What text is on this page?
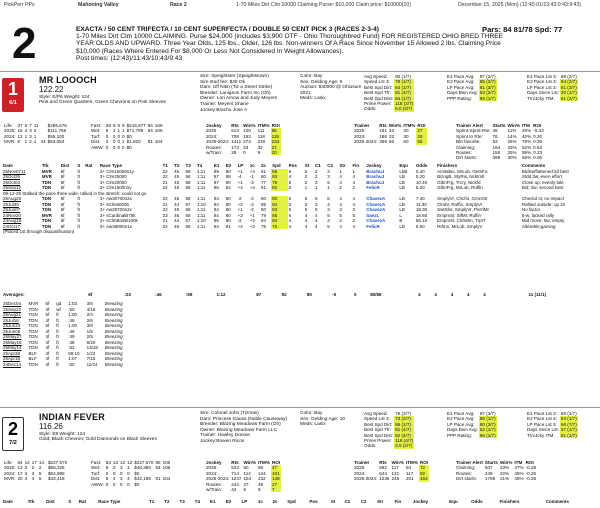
PickPerr PPs	Mahoning Valley	Race 2	1-70 Miles Dirt Clm 10000 Claiming Purse: $10,000 Claim price: $10000(10)	December 15, 2025 (Mon) (12:45:01/13:43:0:43:9:43)
2	EXACTA / 50 CENT TRIFECTA / 10 CENT SUPERFECTA / DOUBLE 50 CENT PICK 3 (RACES 2-3-4)
1-70 Miles Dirt Clm 10000 CLAIMING. Purse $24,000 (includes $3,900 OTF - Ohio Thoroughbred Fund) FOR REGISTERED OHIO BRED THREE YEAR OLDS AND UPWARD. Three Year Olds, 125 lbs., Older, 126 lbs. Non-winners Of A Race Since November 15 Allowed 2 lbs. Claiming Price $10,000 (Races Where Entered For $8,000 Or Less Not Considered In Weight Allowances).
Post times: (12:43)/11:43/10:43/9:43
Pars: 84 81/78 Spd: 77
1
6/1
MR LOOOCH
122.22
Style: E/P6 Weight: 124
Pink and Green Quarters; Green Chevrons on Pink Sleeves
Sire: Speightster (Speightstown)
Sire stud fee: $40 Ok
Dam: Uff Nitin (Tiz a Street Strike)
Breeder: Lanigeon Farm Inc (Oh)
Owner: Lori Amow and Judy Meyers
Trainer: Meyers Shane
Jockey:Brachu Jose A
Color: Bay
Sex: Gelding Age: 6
Auction: $40000 @ Ohiosum 2021
Meds: Lasix
Avg Speed:	80 (1/7)
Speed Lst 3:	79 (1/7)
Best Spd Dirt:	84 (1/7)
Best Spd Tfr:	81 (4/7)
Best Spd Dist:	84 (1/7)
Prime Power:	118 (2/7)
Odds:	6.0 (4/7)
E1 Pace Avg:	87 (2/7)
E2 Pace Avg:	85 (2/7)
LP Pace Avg:	81 (3/7)
Days Bwn Avg:	63 (2/7)
PPP Rating:	85 (1/7)
E1 Pace Lst 3:	88 (2/7)
E2 Pace Lst 3:	84 (2/7)
LP Pace Lst 3:	81 (3/7)
Days Since Lst:	20 (1/7)
Trn/Jcky ITM:	61 (2/7)
Life:	37	6	7	11		$286,676
2025:	16	4	3	3		$111,756
2024:	12	1	3	1		$55,100
MVR:	8	1	2	1	44	$53,084
Fast:	28	8	6	9	$216,877	84	106
Wet:	6	2	1	1	$71,789	84	106
Turf:	0	0	0	0	$0		
Dist:	3	0	0	1	$1,920	81	104
AWW:	0	0	0	0	$0		
Jockey	Rts	Win%	ITM%	ROI
2025	613	120	111	86
2024:	708	153	118	115
2025-2024:	1411	273	230	234
Routes:	173	33	32	27
w/Train:	28	0	9	20
Trainer	Rts	Win%	ITM%	ROI
2025:	181	33	30	27
2024:	188	33	30	28
2025-2024:	369	66	60	55
Trainer Alert	Starts	Win%	ITM	ROI
Sprint-Sprnt-Rte:	46	11%	20%	-0.43
Sprint to Rte:	76	14%	40%	0.20
Btn favorite:	53	26%	76%	0.35
Claiming:	194	33%	62%	0.63
Routes:	156	25%	59%	0.23
Dirt starts:	399	30%	56%	0.06
Date	Trk	Dist	S	Rat	Race Type	T1	T2	T3	T4	E1	E2	LP	1c	2c	Spd	Pos	St	C1	C2	Str	Fin	Jockey	Equ	Odds	Finishers	Comments
25Nov0711	MVR	6f	ft		3+ Clm15000n1y	22	45	58	1:11	89	90	+1	+4	81	86	8	2	2	3	1	1	BrachuJ	LbB	0.40	AmiNiBo, MrLob, GetsFic	BtdSe/flattened:2d best
25Oct29	MVR	6f	ft		3+ Clm25000	22	45	58	1:11	87	88	-4	-1	80	83	4	2	2	3	4	4	BrachuJ	LB	0.20	BizngB, StyRis, NckIrstl	Stdd 3w; even effort
25Oct03	TDN	6f	ft		3+ Clm20000	21	45	58	1:11	87	90	+1	-3	77	78	5	2	3	5	4	4	BrachuJ	LB	10.40	GlbnFrg, Trcry, Nickfd	Close up; evenly late
25Sep17	TDN	6f	ft		3+ Clm1500n1y	22	45	58	1:11	86	84	+4	+4	81	82	3	1	1	1	2	2	FelicR	LB	6.20	GlbnFrg, MrLob, Ruffin	Bid; 3w; second best
09-12-25 Stalked the pace three wide; rallied in the stretch; could not go																										
25Aug28	TDN	6f	ft		3+ Aw30700n2x	22	45	58	1:11	84	80	-2	-2	80	80	6	6	5	6	4	4	ChavezA	LB	7.40	SmplyVr, Chcfst, GrnnGtr	Checkd st; no impact
25Jul30	TDN	6f	ft		3+ sClm6000b	21	44	57	1:10	84	80	+2	-3	85	84	3	3	3	4	4	4	ChavezA	LB	11.30	Clmbr, Ruffin, SmplyVr	Rallied outside; up 2n
25Jun07	TDN	6f	ft		3+ Aw29700n2x	22	45	58	1:11	84	80	+1	-2	80	83	5	5	5	3	3	3	ChavezA	LB	18.30	SwtSlnr, SmplyVr, PerrfMr	No factor
24Nov20	MVR	6f	ft		3+ sCardinalB75k	23	46	58	1:11	84	80	+2	+1	79	85	6	4	4	5	5	5	SaezL	L	18.60	EmprsSl, SlfMr, Ruffin	5-w; lacked rally
24Aug18	TDN	6f	ft		3+ sClmBrdrB100k	21	44	57	1:10	85	80	-2	+2	84	84	4	4	4	3	2	2	ChavezA	B	56.10	EmprsSl, ChfsWn, TrptT	Mid move; 5w; empty
24Oct17	TDN	6f	ft		3+ Aw38000n1x	22	46	58	1:11	84	81	+4	+2	75	75	4	4	4	5	4	4	FelicR	LB	5.60	Rtfmn, MrLob, SmplyV	Altereble;gaining
(Placed 1st through disqualification)																										
Averages:	6f			:23	:46	:59	1:12	87	92	80	-0	0	80/86	4	4	4	4	4					11 (11/1)
25Dec04	MVR	5f	gd	1:03	3/6	Breezing
25Sep22	TDN	4f	wf	:50	4/16	Breezing
25Aug21	TDN	5f	ft	1:00	2/4	Breezing
25Jul16	TDN	4f	ft	:48	2/6	Breezing
25Jun23	TDN	5f	ft	1:00	3/8	Breezing
25Jun06	TDN	4f	ft	:49	1/5	Breezing
25May27	TDN	4f	ft	:49	2/5	Breezing
25May16	TDN	4f	ft	:48	8/20	Breezing
25May14	TDN	4f	ft	:52	13/18	Breezing
25Apr28	BLF	4f	ft	59:10	1/22	Breezing
25Apr18	BLF	4f	ft	1:07	7/15	Breezing
24Dec14	TDN	4f	ft	:50	11/24	Breezing
2
7/2
INDIAN FEVER
116.26
Style: E8 Weight: 124
Gold; Black Chevron; Gold Diamonds on Black Sleeves
Sire: Colonel John (Tiznow)
Dam: Princess Gauss (Noble Causeway)
Breeder: Blazing Meadows Farm (Oh)
Owner: Blazing Meadows Farm LLC
Trainer: Hawley Donnie
Jockey:Bowen Ricos
Color: Bay
Sex: Gelding Age: 10
Meds: Lasix
Avg Speed:	79 (3/7)
Speed Lst 3:	73 (3/7)
Best Spd Dirt:	86 (1/7)
Best Spd Tfr:	81 (4/7)
Best Spd Dist:	82 (4/7)
Prime Power:	116 (4/7)
Odds:	3.5 (2/7)
E1 Pace Avg:	87 (3/7)
E2 Pace Avg:	86 (1/7)
LP Pace Avg:	80 (3/7)
Days Bwn Avg:	52 (1/7)
PPP Rating:	66 (1/7)
E1 Pace Lst 3:	88 (1/7)
E2 Pace Lst 3:	84 (1/7)
LP Pace Lst 3:	66 (7/7)
Days Since Lst:	37 (1/7)
Trn/Jcky ITM:	51 (1/7)
Life:	64	14	17	14		$227,570
2025:	13	3	2	2		$55,325
2024:	17	3	3	5		$54,988
MVR:	20	4	4	5		$43,418
Fast:	53	13	12	12	$227,570	85	106
Wet:	9	3	3	1	$46,386	84	106
Turf:	0	0	0	0	$0		
Dist:	8	4	3	4	$42,198	81	104
AWW:	0	0	0	0	$0		
Jockey	Rts	Win%	ITM%	ROI
2025:	533	50	88	47
2024:	714	114	144	101
2025-2024:	1247	154	232	148
Routes:	244	27	48	27
w/Train:	44	6	8	7
Trainer	Rts	Win%	ITM%	ROI
2025:	592	117	84	72
2024:	644	131	117	92
2025-2024:	1236	248	201	164
Trainer Alert	Starts	Win%	ITM	ROI
Claiming:	507	23%	47%	-0.28
Routes:	249	22%	45%	-0.26
Dirt starts:	1798	21%	45%	-0.26
Date	Trk	Dist	S	Rat	Race Type	T1	T2	T3	T4	E1	E2	LP	1c	2c	Spd	Pos	St	C1	C2	Str	Fin	Jockey	Equ	Odds	Finishers	Comments
